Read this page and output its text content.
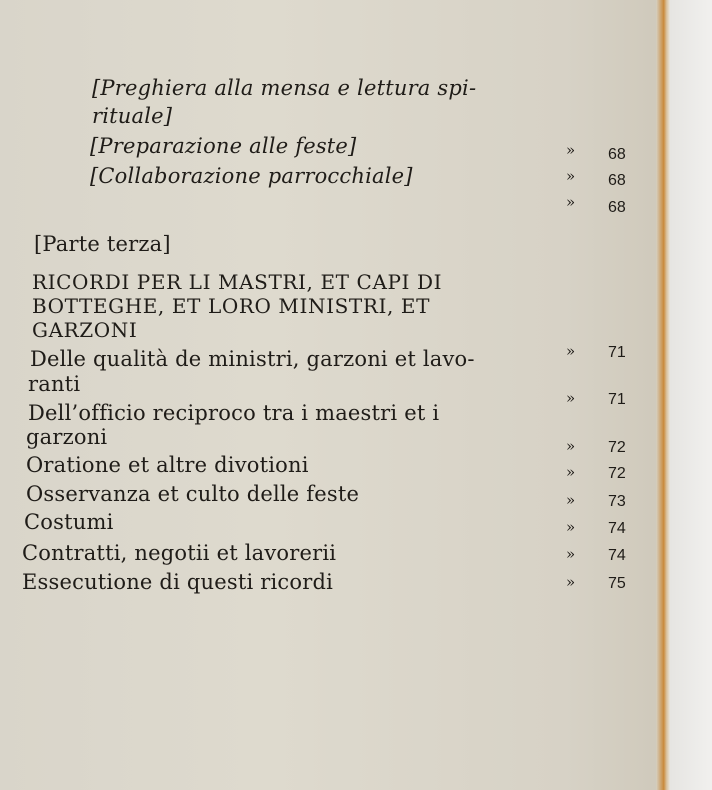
[Preghiera alla mensa e lettura spi-
rituale]
[Preparazione alle feste]
[Collaborazione parrocchiale]
[Parte terza]
RICORDI PER LI MASTRI, ET CAPI DI
BOTTEGHE, ET LORO MINISTRI, ET
GARZONI
Delle qualità de ministri, garzoni et lavo-
ranti
Dell’officio reciproco tra i maestri et i
garzoni
Oratione et altre divotioni
Osservanza et culto delle feste
Costumi
Contratti, negotii et lavorerii
Essecutione di questi ricordi
» 68
» 68
» 68
» 71
» 71
» 72
» 72
» 73
» 74
» 74
» 75
